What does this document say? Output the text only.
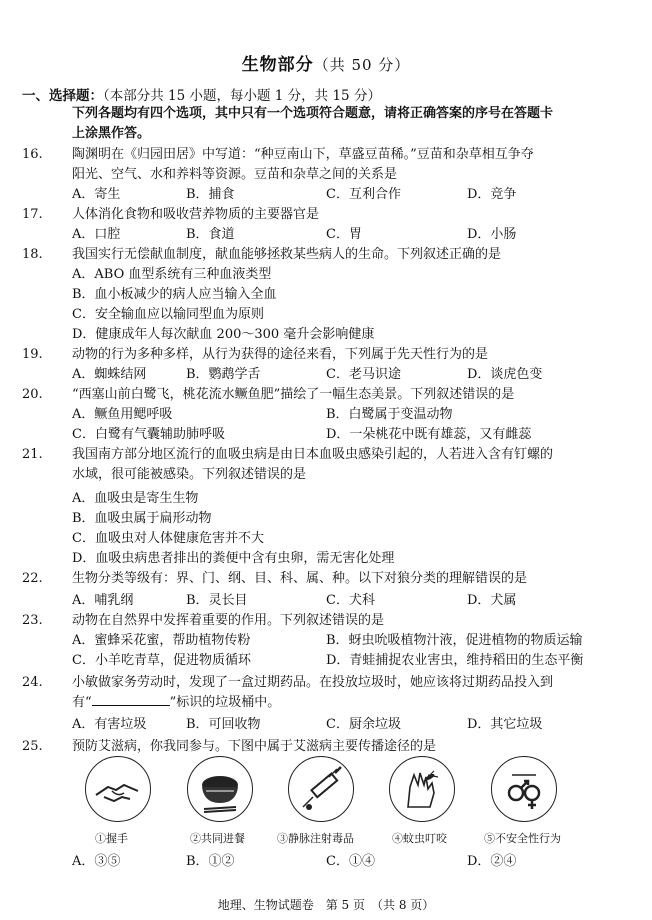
生物部分（共 50 分）
一、选择题：（本部分共 15 小题，每小题 1 分，共 15 分）
下列各题均有四个选项，其中只有一个选项符合题意，请将正确答案的序号在答题卡
上涂黑作答。
16. 陶渊明在《归园田居》中写道：“种豆南山下，草盛豆苗稀。”豆苗和杂草相互争夺
阳光、空气、水和养料等资源。豆苗和杂草之间的关系是
A．寄生	B．捕食	C．互利合作	D．竞争
17. 人体消化食物和吸收营养物质的主要器官是
A．口腔	B．食道	C．胃	D．小肠
18. 我国实行无偿献血制度，献血能够拯救某些病人的生命。下列叙述正确的是
A．ABO 血型系统有三种血液类型
B．血小板减少的病人应当输入全血
C．安全输血应以输同型血为原则
D．健康成年人每次献血 200～300 毫升会影响健康
19. 动物的行为多种多样，从行为获得的途径来看，下列属于先天性行为的是
A．蜘蛛结网	B．鹦鹉学舌	C．老马识途	D．谈虎色变
20. “西塞山前白鹭飞，桃花流水鳜鱼肥”描绘了一幅生态美景。下列叙述错误的是
A．鳜鱼用鳃呼吸	B．白鹭属于变温动物
C．白鹭有气囊辅助肺呼吸	D．一朵桃花中既有雄蕊，又有雌蕊
21. 我国南方部分地区流行的血吸虫病是由日本血吸虫感染引起的，人若进入含有钉螺的
水域，很可能被感染。下列叙述错误的是
A．血吸虫是寄生生物
B．血吸虫属于扁形动物
C．血吸虫对人体健康危害并不大
D．血吸虫病患者排出的粪便中含有虫卵，需无害化处理
22. 生物分类等级有：界、门、纲、目、科、属、种。以下对狼分类的理解错误的是
A．哺乳纲	B．灵长目	C．犬科	D．犬属
23. 动物在自然界中发挥着重要的作用。下列叙述错误的是
A．蜜蜂采花蜜，帮助植物传粉	B．蚜虫吮吸植物汁液，促进植物的物质运输
C．小羊吃青草，促进物质循环	D．青蛙捕捉农业害虫，维持稻田的生态平衡
24. 小敏做家务劳动时，发现了一盒过期药品。在投放垃圾时，她应该将过期药品投入到
有“	”标识的垃圾桶中。
A．有害垃圾	B．可回收物	C．厨余垃圾	D．其它垃圾
25. 预防艾滋病，你我同参与。下图中属于艾滋病主要传播途径的是
①握手	②共同进餐	③静脉注射毒品	④蚊虫叮咬	⑤不安全性行为
A．③⑤	B．①②	C．①④	D．②④
地理、生物试题卷　第 5 页　（共 8 页）
